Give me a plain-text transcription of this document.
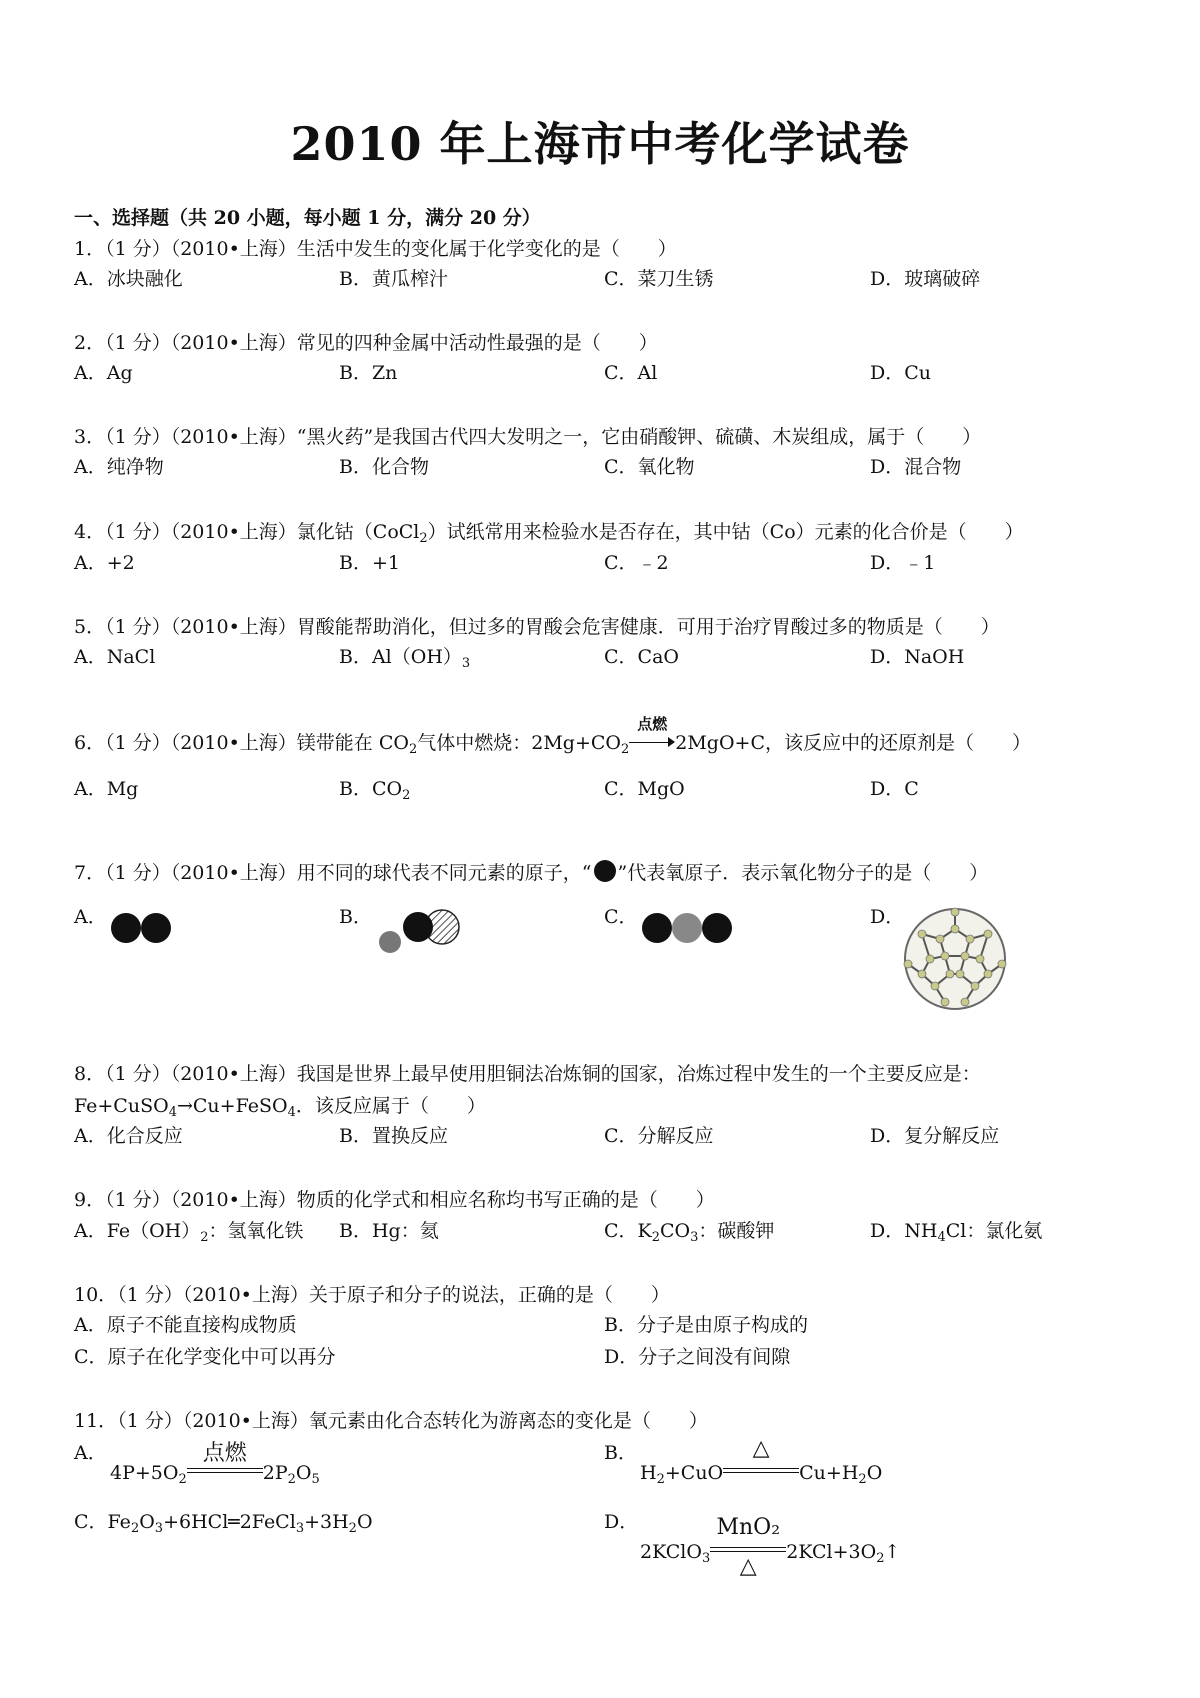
2010 年上海市中考化学试卷
一、选择题（共 20 小题，每小题 1 分，满分 20 分）
1．（1 分）（2010•上海）生活中发生的变化属于化学变化的是（　　）
A．冰块融化	B．黄瓜榨汁	C．菜刀生锈	D．玻璃破碎
2．（1 分）（2010•上海）常见的四种金属中活动性最强的是（　　）
A．Ag	B．Zn	C．Al	D．Cu
3．（1 分）（2010•上海）“黑火药”是我国古代四大发明之一，它由硝酸钾、硫磺、木炭组成，属于（　　）
A．纯净物	B．化合物	C．氧化物	D．混合物
4．（1 分）（2010•上海）氯化钴（CoCl$_2$）试纸常用来检验水是否存在，其中钴（Co）元素的化合价是（　　）
A．+2	B．+1	C．﹣2	D．﹣1
5．（1 分）（2010•上海）胃酸能帮助消化，但过多的胃酸会危害健康．可用于治疗胃酸过多的物质是（　　）
A．NaCl	B．$Al(OH)_3$	C．CaO	D．NaOH
6．（1 分）（2010•上海）镁带能在 $CO_2$气体中燃烧：$2Mg+CO_2$
点燃
2MgO+C，该反应中的还原剂是（　　）
A．Mg	B．$CO_2$	C．MgO	D．C
7．（1 分）（2010•上海）用不同的球代表不同元素的原子，“ ”代表氧原子．表示氧化物分子的是（　　）
A．	B．	C．	D．
8．（1 分）（2010•上海）我国是世界上最早使用胆铜法冶炼铜的国家，冶炼过程中发生的一个主要反应是：
Fe+CuSO$_4$→Cu+FeSO$_4$．该反应属于（　　）
A．化合反应	B．置换反应	C．分解反应	D．复分解反应
9．（1 分）（2010•上海）物质的化学式和相应名称均书写正确的是（　　）
A．$Fe(OH)_2$：氢氧化铁 B．Hg：氦	C．$K_2CO_3$：碳酸钾	D．$NH_4Cl$：氯化氨
10．（1 分）（2010•上海）关于原子和分子的说法，正确的是（　　）
A．原子不能直接构成物质	B．分子是由原子构成的
C．原子在化学变化中可以再分	D．分子之间没有间隙
11．（1 分）（2010•上海）氧元素由化合态转化为游离态的变化是（　　）
A．
$4P+5O_2$
点燃
$2P_2O_5$
B．
$H_2+CuO$
△
$Cu+H_2O$
C．$Fe_2O_3+6HCl═2FeCl_3+3H_2O$	D．
2KClO$_3$
MnO₂
△
$2KCl+3O_2↑$
